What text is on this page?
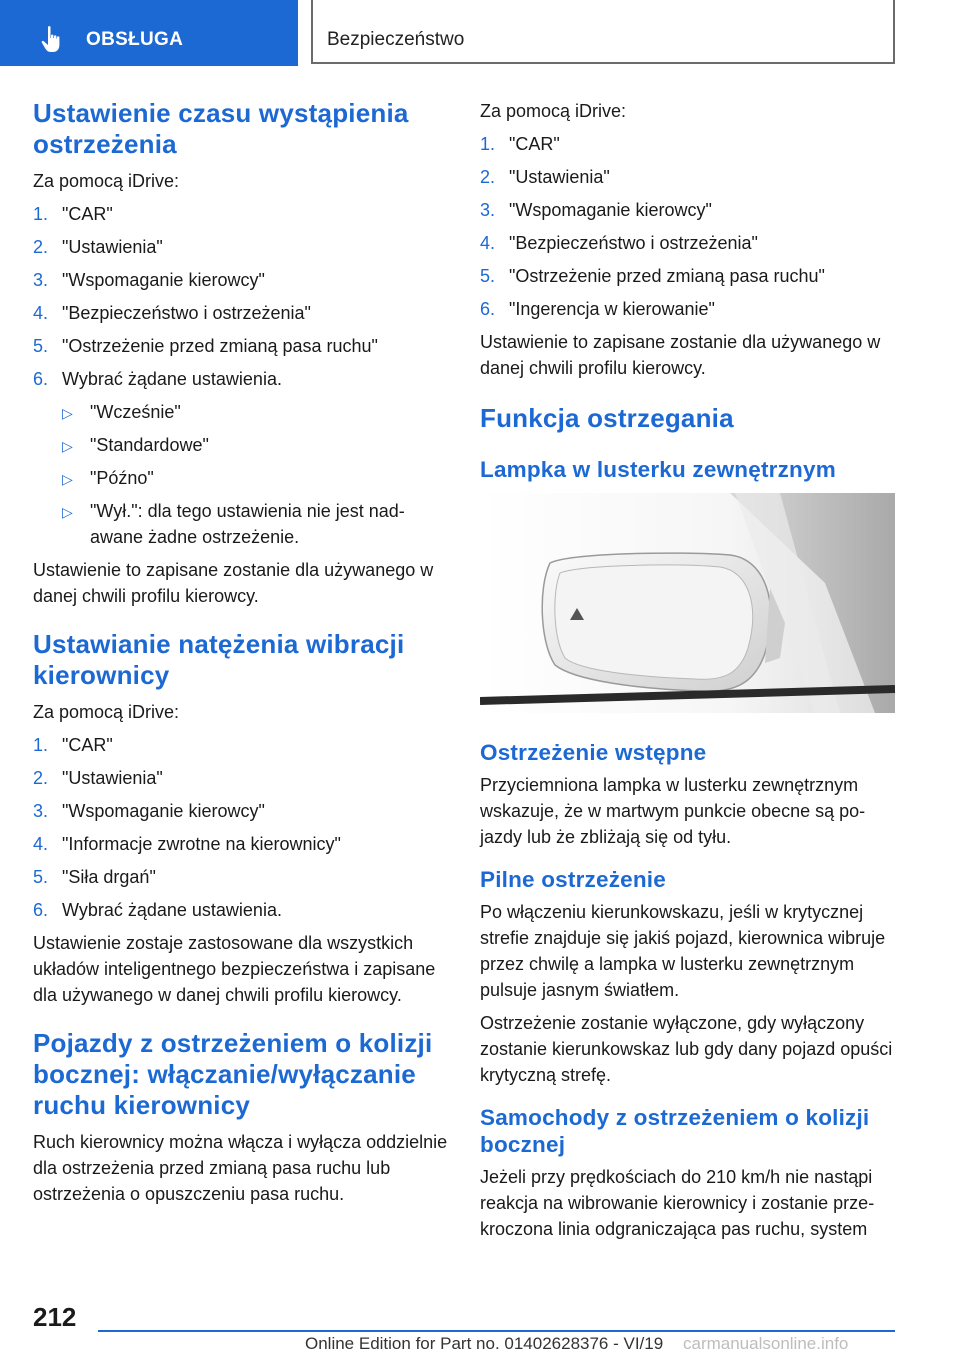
OBSŁUGA	Bezpieczeństwo
Ustawienie czasu wystąpienia ostrzeżenia

Za pomocą iDrive:

1. "CAR"
2. "Ustawienia"
3. "Wspomaganie kierowcy"
4. "Bezpieczeństwo i ostrzeżenia"
5. "Ostrzeżenie przed zmianą pasa ruchu"
6. Wybrać żądane ustawienia.
▷ "Wcześnie"
▷ "Standardowe"
▷ "Późno"
▷ "Wył.": dla tego ustawienia nie jest nadawane żadne ostrzeżenie.

Ustawienie to zapisane zostanie dla używanego w danej chwili profilu kierowcy.

Ustawianie natężenia wibracji kierownicy

Za pomocą iDrive:

1. "CAR"
2. "Ustawienia"
3. "Wspomaganie kierowcy"
4. "Informacje zwrotne na kierownicy"
5. "Siła drgań"
6. Wybrać żądane ustawienia.

Ustawienie zostaje zastosowane dla wszystkich układów inteligentnego bezpieczeństwa i zapisane dla używanego w danej chwili profilu kierowcy.

Pojazdy z ostrzeżeniem o kolizji bocznej: włączanie/wyłączanie ruchu kierownicy

Ruch kierownicy można włącza i wyłącza oddzielnie dla ostrzeżenia przed zmianą pasa ruchu lub ostrzeżenia o opuszczeniu pasa ruchu.

Za pomocą iDrive:

1. "CAR"
2. "Ustawienia"
3. "Wspomaganie kierowcy"
4. "Bezpieczeństwo i ostrzeżenia"
5. "Ostrzeżenie przed zmianą pasa ruchu"
6. "Ingerencja w kierowanie"

Ustawienie to zapisane zostanie dla używanego w danej chwili profilu kierowcy.

Funkcja ostrzegania
Lampka w lusterku zewnętrznym
Ostrzeżenie wstępne

Przyciemniona lampka w lusterku zewnętrznym wskazuje, że w martwym punkcie obecne są pojazdy lub że zbliżają się od tyłu.

Pilne ostrzeżenie

Po włączeniu kierunkowskazu, jeśli w krytycznej strefie znajduje się jakiś pojazd, kierownica wibruje przez chwilę a lampka w lusterku zewnętrznym pulsuje jasnym światłem.

Ostrzeżenie zostanie wyłączone, gdy wyłączony zostanie kierunkowskaz lub gdy dany pojazd opuści krytyczną strefę.

Samochody z ostrzeżeniem o kolizji bocznej

Jeżeli przy prędkościach do 210 km/h nie nastąpi reakcja na wibrowanie kierownicy i zostanie przekroczona linia odgraniczająca pas ruchu, system

212
Online Edition for Part no. 01402628376 - VI/19 carmanualsonline.info
